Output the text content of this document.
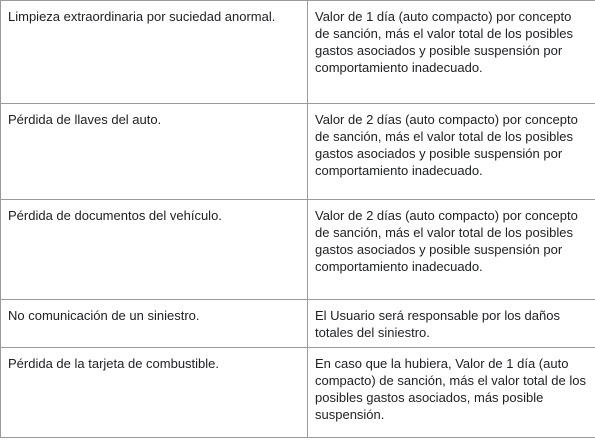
Limpieza extraordinaria por suciedad anormal.	Valor de 1 día (auto compacto) por concepto de sanción, más el valor total de los posibles gastos asociados y posible suspensión por comportamiento inadecuado.
Pérdida de llaves del auto.	Valor de 2 días (auto compacto) por concepto de sanción, más el valor total de los posibles gastos asociados y posible suspensión por comportamiento inadecuado.
Pérdida de documentos del vehículo.	Valor de 2 días (auto compacto) por concepto de sanción, más el valor total de los posibles gastos asociados y posible suspensión por comportamiento inadecuado.
No comunicación de un siniestro.	El Usuario será responsable por los daños totales del siniestro.
Pérdida de la tarjeta de combustible.	En caso que la hubiera, Valor de 1 día (auto compacto) de sanción, más el valor total de los posibles gastos asociados, más posible suspensión.
